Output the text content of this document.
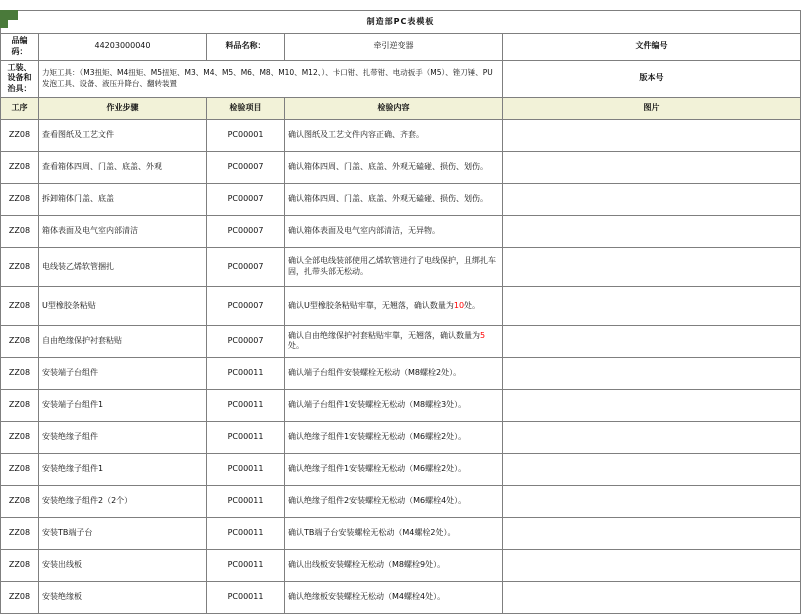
制造部PC表模板				
品编码：	44203000040	料品名称：	牵引逆变器	文件编号
工装、设备和治具：	力矩工具：（M3扭矩、M4扭矩、M5扭矩、M3、M4、M5、M6、M8、M10、M12、）、卡口钳、扎带钳、电动扳手（M5）、锉刀锤、PU发泡工具、设备、液压升降台、翻转装置			版本号
工序	作业步骤	检验项目	检验内容	图片
ZZ08	查看图纸及工艺文件	PC00001	确认图纸及工艺文件内容正确、齐套。	
ZZ08	查看箱体四周、门盖、底盖、外观	PC00007	确认箱体四周、门盖、底盖、外观无磕碰、损伤、划伤。	
ZZ08	拆卸箱体门盖、底盖	PC00007	确认箱体四周、门盖、底盖、外观无磕碰、损伤、划伤。	
ZZ08	箱体表面及电气室内部清洁	PC00007	确认箱体表面及电气室内部清洁，无异物。	
ZZ08	电线装乙烯软管捆扎	PC00007	确认全部电线装部使用乙烯软管进行了电线保护，且绑扎车固，扎带头部无松动。	
ZZ08	U型橡胶条粘贴	PC00007	确认U型橡胶条粘贴牢靠，无翘落，确认数量为10处。	
ZZ08	自由绝缘保护衬套粘贴	PC00007	确认自由绝缘保护衬套粘贴牢靠，无翘落，确认数量为5处。	
ZZ08	安装端子台组件	PC00011	确认端子台组件安装螺栓无松动（M8螺栓2处）。	
ZZ08	安装端子台组件1	PC00011	确认端子台组件1安装螺栓无松动（M8螺栓3处）。	
ZZ08	安装绝缘子组件	PC00011	确认绝缘子组件1安装螺栓无松动（M6螺栓2处）。	
ZZ08	安装绝缘子组件1	PC00011	确认绝缘子组件1安装螺栓无松动（M6螺栓2处）。	
ZZ08	安装绝缘子组件2（2个）	PC00011	确认绝缘子组件2安装螺栓无松动（M6螺栓4处）。	
ZZ08	安装TB端子台	PC00011	确认TB端子台安装螺栓无松动（M4螺栓2处）。	
ZZ08	安装出线板	PC00011	确认出线板安装螺栓无松动（M8螺栓9处）。	
ZZ08	安装绝缘板	PC00011	确认绝缘板安装螺栓无松动（M4螺栓4处）。	
